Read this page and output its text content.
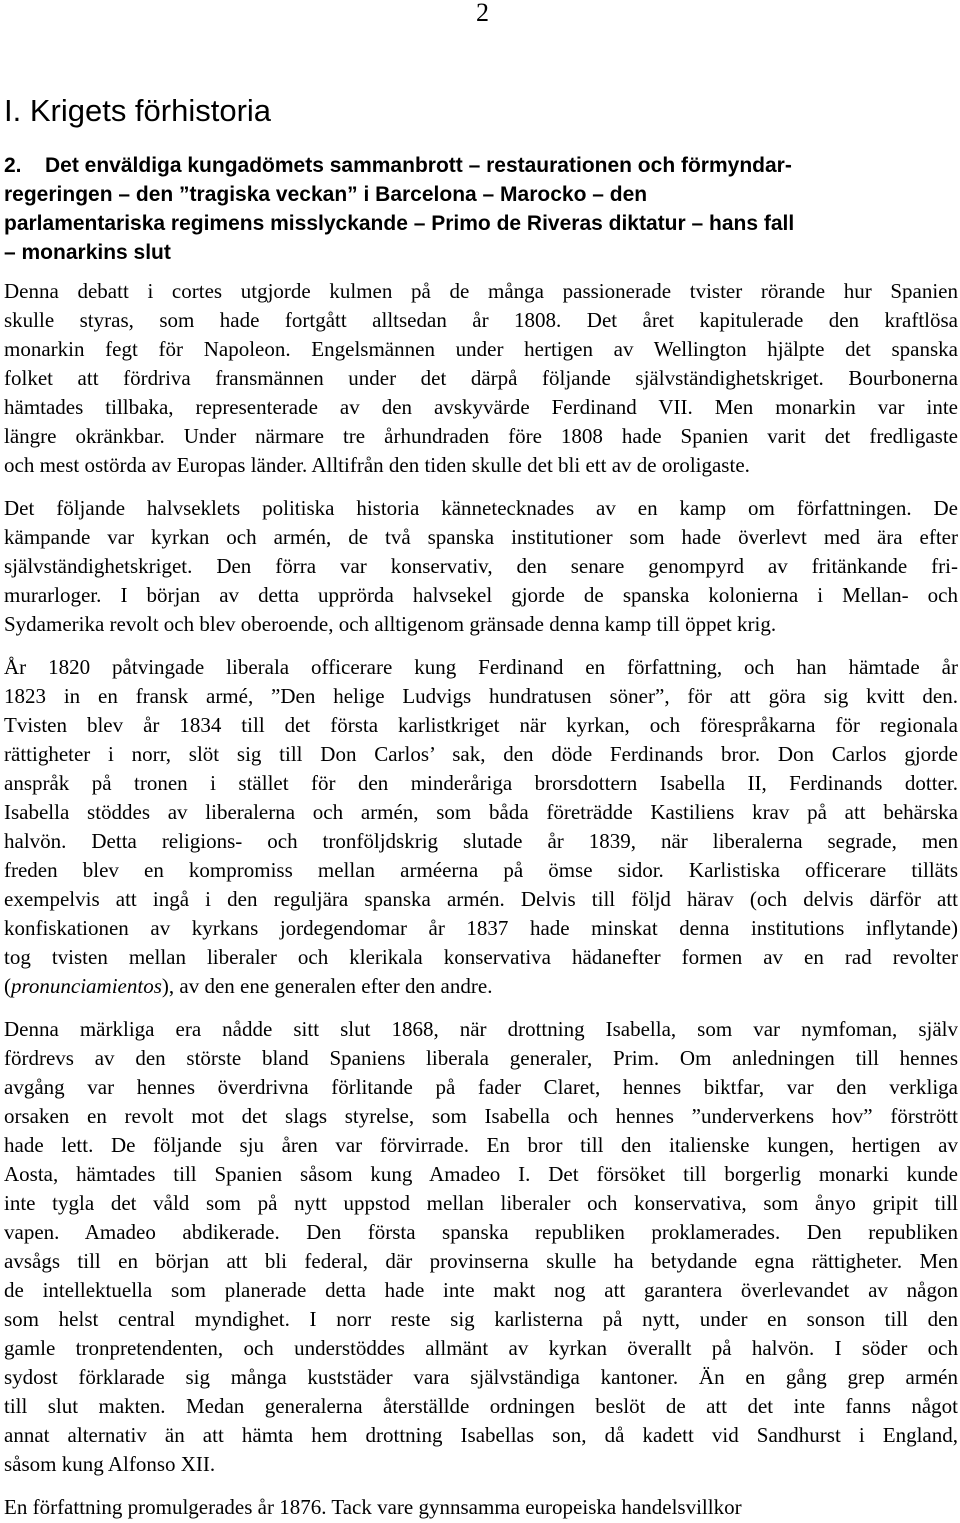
2
I. Krigets förhistoria
2. Det enväldiga kungadömets sammanbrott – restaurationen och förmyndar-
regeringen – den ”tragiska veckan” i Barcelona – Marocko – den
parlamentariska regimens misslyckande – Primo de Riveras diktatur – hans fall
– monarkins slut

Denna debatt i cortes utgjorde kulmen på de många passionerade tvister rörande hur Spanien
skulle styras, som hade fortgått alltsedan år 1808. Det året kapitulerade den kraftlösa
monarkin fegt för Napoleon. Engelsmännen under hertigen av Wellington hjälpte det spanska
folket att fördriva fransmännen under det därpå följande självständighetskriget. Bourbonerna
hämtades tillbaka, representerade av den avskyvärde Ferdinand VII. Men monarkin var inte
längre okränkbar. Under närmare tre århundraden före 1808 hade Spanien varit det fredligaste
och mest ostörda av Europas länder. Alltifrån den tiden skulle det bli ett av de oroligaste.

Det följande halvseklets politiska historia kännetecknades av en kamp om författningen. De
kämpande var kyrkan och armén, de två spanska institutioner som hade överlevt med ära efter
självständighetskriget. Den förra var konservativ, den senare genompyrd av fritänkande fri-
murarloger. I början av detta upprörda halvsekel gjorde de spanska kolonierna i Mellan- och
Sydamerika revolt och blev oberoende, och alltigenom gränsade denna kamp till öppet krig.

År 1820 påtvingade liberala officerare kung Ferdinand en författning, och han hämtade år
1823 in en fransk armé, ”Den helige Ludvigs hundratusen söner”, för att göra sig kvitt den.
Tvisten blev år 1834 till det första karlistkriget när kyrkan, och förespråkarna för regionala
rättigheter i norr, slöt sig till Don Carlos’ sak, den döde Ferdinands bror. Don Carlos gjorde
anspråk på tronen i stället för den minderåriga brorsdottern Isabella II, Ferdinands dotter.
Isabella stöddes av liberalerna och armén, som båda företrädde Kastiliens krav på att behärska
halvön. Detta religions- och tronföljdskrig slutade år 1839, när liberalerna segrade, men
freden blev en kompromiss mellan arméerna på ömse sidor. Karlistiska officerare tilläts
exempelvis att ingå i den reguljära spanska armén. Delvis till följd härav (och delvis därför att
konfiskationen av kyrkans jordegendomar år 1837 hade minskat denna institutions inflytande)
tog tvisten mellan liberaler och klerikala konservativa hädanefter formen av en rad revolter
(pronunciamientos), av den ene generalen efter den andre.

Denna märkliga era nådde sitt slut 1868, när drottning Isabella, som var nymfoman, själv
fördrevs av den störste bland Spaniens liberala generaler, Prim. Om anledningen till hennes
avgång var hennes överdrivna förlitande på fader Claret, hennes biktfar, var den verkliga
orsaken en revolt mot det slags styrelse, som Isabella och hennes ”underverkens hov” förstrött
hade lett. De följande sju åren var förvirrade. En bror till den italienske kungen, hertigen av
Aosta, hämtades till Spanien såsom kung Amadeo I. Det försöket till borgerlig monarki kunde
inte tygla det våld som på nytt uppstod mellan liberaler och konservativa, som ånyo gripit till
vapen. Amadeo abdikerade. Den första spanska republiken proklamerades. Den republiken
avsågs till en början att bli federal, där provinserna skulle ha betydande egna rättigheter. Men
de intellektuella som planerade detta hade inte makt nog att garantera överlevandet av någon
som helst central myndighet. I norr reste sig karlisterna på nytt, under en sonson till den
gamle tronpretendenten, och understöddes allmänt av kyrkan överallt på halvön. I söder och
sydost förklarade sig många kuststäder vara självständiga kantoner. Än en gång grep armén
till slut makten. Medan generalerna återställde ordningen beslöt de att det inte fanns något
annat alternativ än att hämta hem drottning Isabellas son, då kadett vid Sandhurst i England,
såsom kung Alfonso XII.

En författning promulgerades år 1876. Tack vare gynnsamma europeiska handelsvillkor
